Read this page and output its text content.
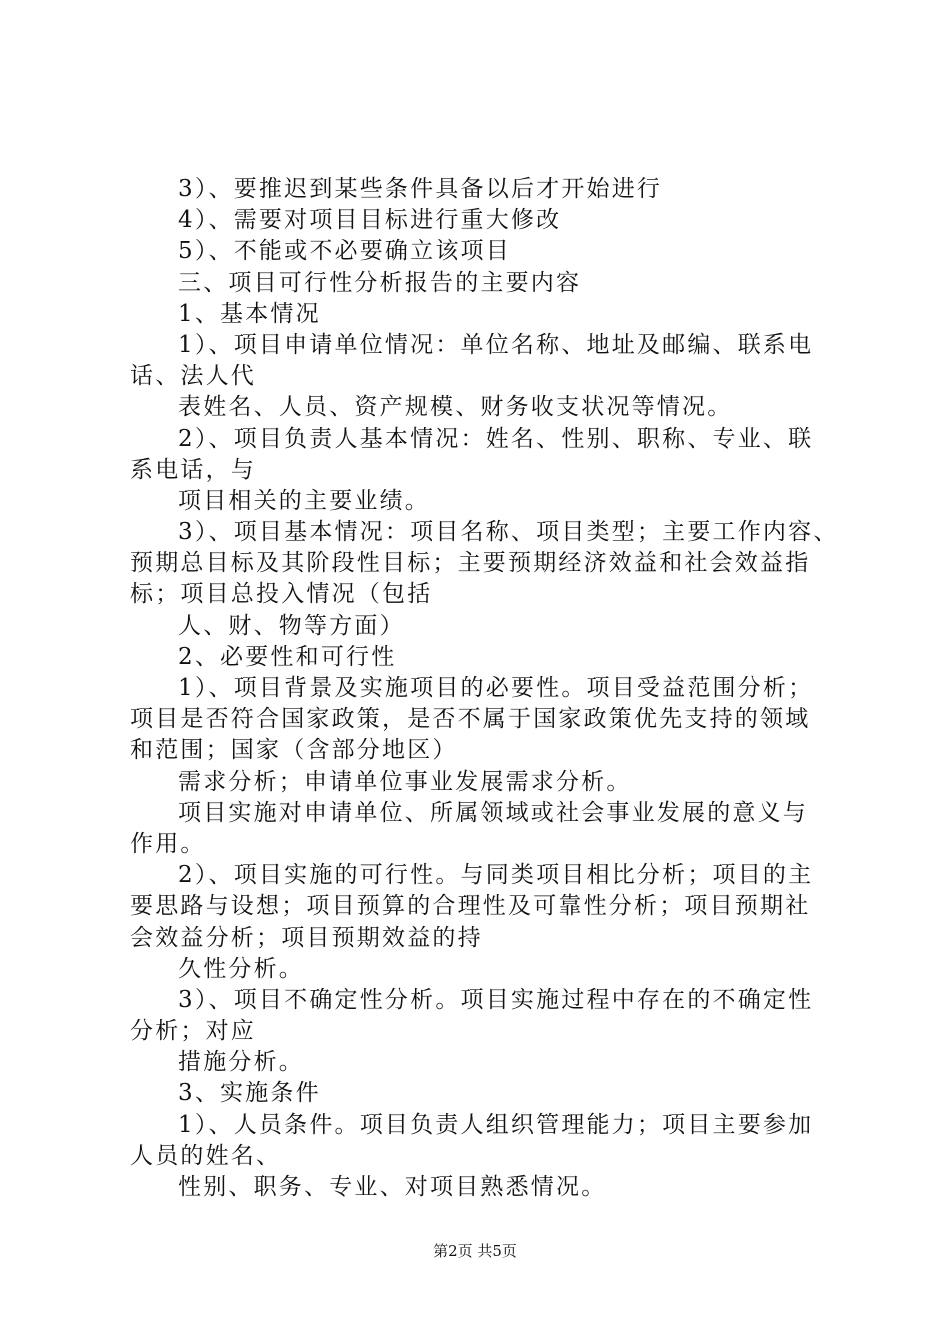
3）、要推迟到某些条件具备以后才开始进行
4）、需要对项目目标进行重大修改
5）、不能或不必要确立该项目
三、项目可行性分析报告的主要内容
1、基本情况
1）、项目申请单位情况：单位名称、地址及邮编、联系电
话、法人代
表姓名、人员、资产规模、财务收支状况等情况。
2）、项目负责人基本情况：姓名、性别、职称、专业、联
系电话，与
项目相关的主要业绩。
3）、项目基本情况：项目名称、项目类型；主要工作内容、
预期总目标及其阶段性目标；主要预期经济效益和社会效益指
标；项目总投入情况（包括
人、财、物等方面）
2、必要性和可行性
1）、项目背景及实施项目的必要性。项目受益范围分析；
项目是否符合国家政策，是否不属于国家政策优先支持的领域
和范围；国家（含部分地区）
需求分析；申请单位事业发展需求分析。
项目实施对申请单位、所属领域或社会事业发展的意义与
作用。
2）、项目实施的可行性。与同类项目相比分析；项目的主
要思路与设想；项目预算的合理性及可靠性分析；项目预期社
会效益分析；项目预期效益的持
久性分析。
3）、项目不确定性分析。项目实施过程中存在的不确定性
分析；对应
措施分析。
3、实施条件
1）、人员条件。项目负责人组织管理能力；项目主要参加
人员的姓名、
性别、职务、专业、对项目熟悉情况。
第2页 共5页
